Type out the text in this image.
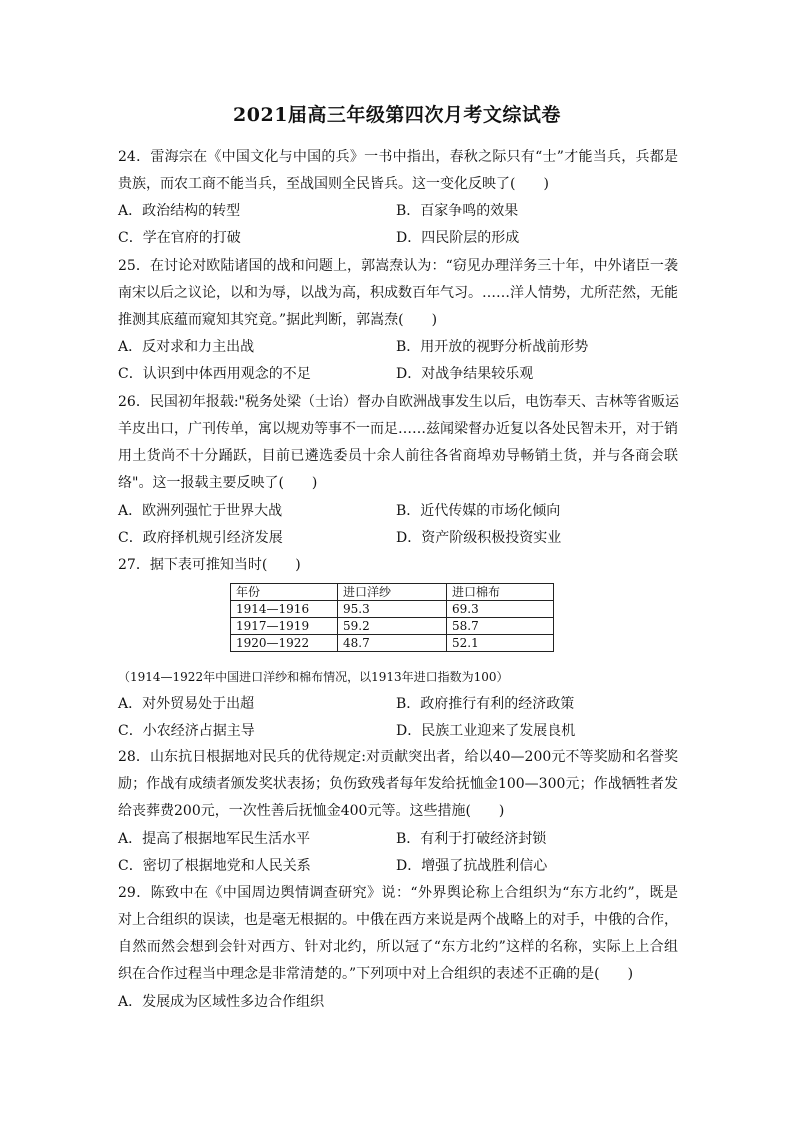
2021届高三年级第四次月考文综试卷
24．雷海宗在《中国文化与中国的兵》一书中指出，春秋之际只有“士”才能当兵，兵都是
贵族，而农工商不能当兵，至战国则全民皆兵。这一变化反映了(　　)
A．政治结构的转型	B．百家争鸣的效果
C．学在官府的打破	D．四民阶层的形成
25．在讨论对欧陆诸国的战和问题上，郭嵩焘认为：“窃见办理洋务三十年，中外诸臣一袭
南宋以后之议论，以和为辱，以战为高，积成数百年气习。……洋人情势，尤所茫然，无能
推测其底蕴而窥知其究竟。”据此判断，郭嵩焘(　　)
A．反对求和力主出战	B．用开放的视野分析战前形势
C．认识到中体西用观念的不足	D．对战争结果较乐观
26．民国初年报载:"税务处梁（士诒）督办自欧洲战事发生以后，电饬奉天、吉林等省贩运
羊皮出口，广刊传单，寓以规劝等事不一而足……兹闻梁督办近复以各处民智未开，对于销
用土货尚不十分踊跃，目前已遴选委员十余人前往各省商埠劝导畅销土货，并与各商会联
络"。这一报载主要反映了(　　)
A．欧洲列强忙于世界大战	B．近代传媒的市场化倾向
C．政府择机规引经济发展	D．资产阶级积极投资实业
27．据下表可推知当时(　　)
年份	进口洋纱	进口棉布
1914—1916	95.3	69.3
1917—1919	59.2	58.7
1920—1922	48.7	52.1
（1914—1922年中国进口洋纱和棉布情况，以1913年进口指数为100）
A．对外贸易处于出超	B．政府推行有利的经济政策
C．小农经济占据主导	D．民族工业迎来了发展良机
28．山东抗日根据地对民兵的优待规定:对贡献突出者，给以40—200元不等奖励和名誉奖
励；作战有成绩者颁发奖状表扬；负伤致残者每年发给抚恤金100—300元；作战牺牲者发
给丧葬费200元，一次性善后抚恤金400元等。这些措施(　　)
A．提高了根据地军民生活水平	B．有利于打破经济封锁
C．密切了根据地党和人民关系	D．增强了抗战胜利信心
29．陈致中在《中国周边舆情调查研究》说：“外界舆论称上合组织为“东方北约”，既是
对上合组织的误读，也是毫无根据的。中俄在西方来说是两个战略上的对手，中俄的合作，
自然而然会想到会针对西方、针对北约，所以冠了“东方北约”这样的名称，实际上上合组
织在合作过程当中理念是非常清楚的。”下列项中对上合组织的表述不正确的是(　　)
A．发展成为区域性多边合作组织
